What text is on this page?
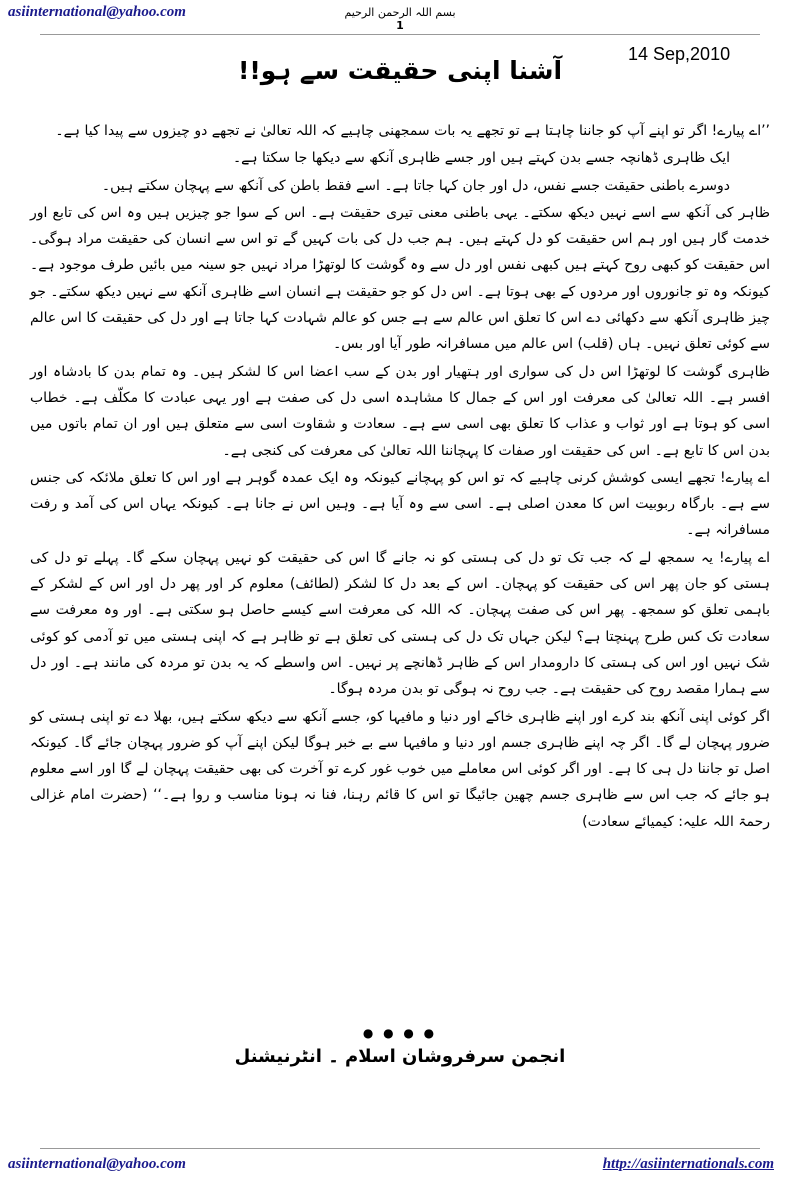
asiinternational@yahoo.com	بسم اللہ الرحمن الرحیم
1
14 Sep,2010
آشنا اپنی حقیقت سے ہو!!

’’اے پیارے! اگر تو اپنے آپ کو جاننا چاہتا ہے تو تجھے یہ بات سمجھنی چاہیے کہ اللہ تعالیٰ نے تجھے دو چیزوں سے پیدا کیا ہے۔

ایک ظاہری ڈھانچہ جسے بدن کہتے ہیں اور جسے ظاہری آنکھ سے دیکھا جا سکتا ہے۔

دوسرے باطنی حقیقت جسے نفس، دل اور جان کہا جاتا ہے۔ اسے فقط باطن کی آنکھ سے پہچان سکتے ہیں۔

ظاہر کی آنکھ سے اسے نہیں دیکھ سکتے۔ یہی باطنی معنی تیری حقیقت ہے۔ اس کے سوا جو چیزیں ہیں وہ اس کی تابع اور خدمت گار ہیں اور ہم اس حقیقت کو دل کہتے ہیں۔ ہم جب دل کی بات کہیں گے تو اس سے انسان کی حقیقت مراد ہوگی۔ اس حقیقت کو کبھی روح کہتے ہیں کبھی نفس اور دل سے وہ گوشت کا لوتھڑا مراد نہیں جو سینہ میں بائیں طرف موجود ہے۔ کیونکہ وہ تو جانوروں اور مردوں کے بھی ہوتا ہے۔ اس دل کو جو حقیقت ہے انسان اسے ظاہری آنکھ سے نہیں دیکھ سکتے۔ جو چیز ظاہری آنکھ سے دکھائی دے اس کا تعلق اس عالم سے ہے جس کو عالم شہادت کہا جاتا ہے اور دل کی حقیقت کا اس عالم سے کوئی تعلق نہیں۔ ہاں (قلب) اس عالم میں مسافرانہ طور آیا اور بس۔

ظاہری گوشت کا لوتھڑا اس دل کی سواری اور ہتھیار اور بدن کے سب اعضا اس کا لشکر ہیں۔ وہ تمام بدن کا بادشاہ اور افسر ہے۔ اللہ تعالیٰ کی معرفت اور اس کے جمال کا مشاہدہ اسی دل کی صفت ہے اور یہی عبادت کا مکلّف ہے۔ خطاب اسی کو ہوتا ہے اور ثواب و عذاب کا تعلق بھی اسی سے ہے۔ سعادت و شقاوت اسی سے متعلق ہیں اور ان تمام باتوں میں بدن اس کا تابع ہے۔ اس کی حقیقت اور صفات کا پہچاننا اللہ تعالیٰ کی معرفت کی کنجی ہے۔

اے پیارے! تجھے ایسی کوشش کرنی چاہیے کہ تو اس کو پہچانے کیونکہ وہ ایک عمدہ گوہر ہے اور اس کا تعلق ملائکہ کی جنس سے ہے۔ بارگاہ ربوبیت اس کا معدن اصلی ہے۔ اسی سے وہ آیا ہے۔ وہیں اس نے جانا ہے۔ کیونکہ یہاں اس کی آمد و رفت مسافرانہ ہے۔

اے پیارے! یہ سمجھ لے کہ جب تک تو دل کی ہستی کو نہ جانے گا اس کی حقیقت کو نہیں پہچان سکے گا۔ پہلے تو دل کی ہستی کو جان پھر اس کی حقیقت کو پہچان۔ اس کے بعد دل کا لشکر (لطائف) معلوم کر اور پھر دل اور اس کے لشکر کے باہمی تعلق کو سمجھ۔ پھر اس کی صفت پہچان۔ کہ اللہ کی معرفت اسے کیسے حاصل ہو سکتی ہے۔ اور وہ معرفت سے سعادت تک کس طرح پہنچتا ہے؟ لیکن جہاں تک دل کی ہستی کی تعلق ہے تو ظاہر ہے کہ اپنی ہستی میں تو آدمی کو کوئی شک نہیں اور اس کی ہستی کا دارومدار اس کے ظاہر ڈھانچے پر نہیں۔ اس واسطے کہ یہ بدن تو مردہ کی مانند ہے۔ اور دل سے ہمارا مقصد روح کی حقیقت ہے۔ جب روح نہ ہوگی تو بدن مردہ ہوگا۔

اگر کوئی اپنی آنکھ بند کرے اور اپنے ظاہری خاکے اور دنیا و مافیہا کو، جسے آنکھ سے دیکھ سکتے ہیں، بھلا دے تو اپنی ہستی کو ضرور پہچان لے گا۔ اگر چہ اپنے ظاہری جسم اور دنیا و مافیہا سے بے خبر ہوگا لیکن اپنے آپ کو ضرور پہچان جائے گا۔ کیونکہ اصل تو جاننا دل ہی کا ہے۔ اور اگر کوئی اس معاملے میں خوب غور کرے تو آخرت کی بھی حقیقت پہچان لے گا اور اسے معلوم ہو جائے کہ جب اس سے ظاہری جسم چھین جائیگا تو اس کا قائم رہنا، فنا نہ ہونا مناسب و روا ہے۔‘‘ (حضرت امام غزالی رحمۃ اللہ علیہ: کیمیائے سعادت)

● ● ● ●
انجمن سرفروشان اسلام ۔ انٹرنیشنل
asiinternational@yahoo.com	http://asiinternationals.com
